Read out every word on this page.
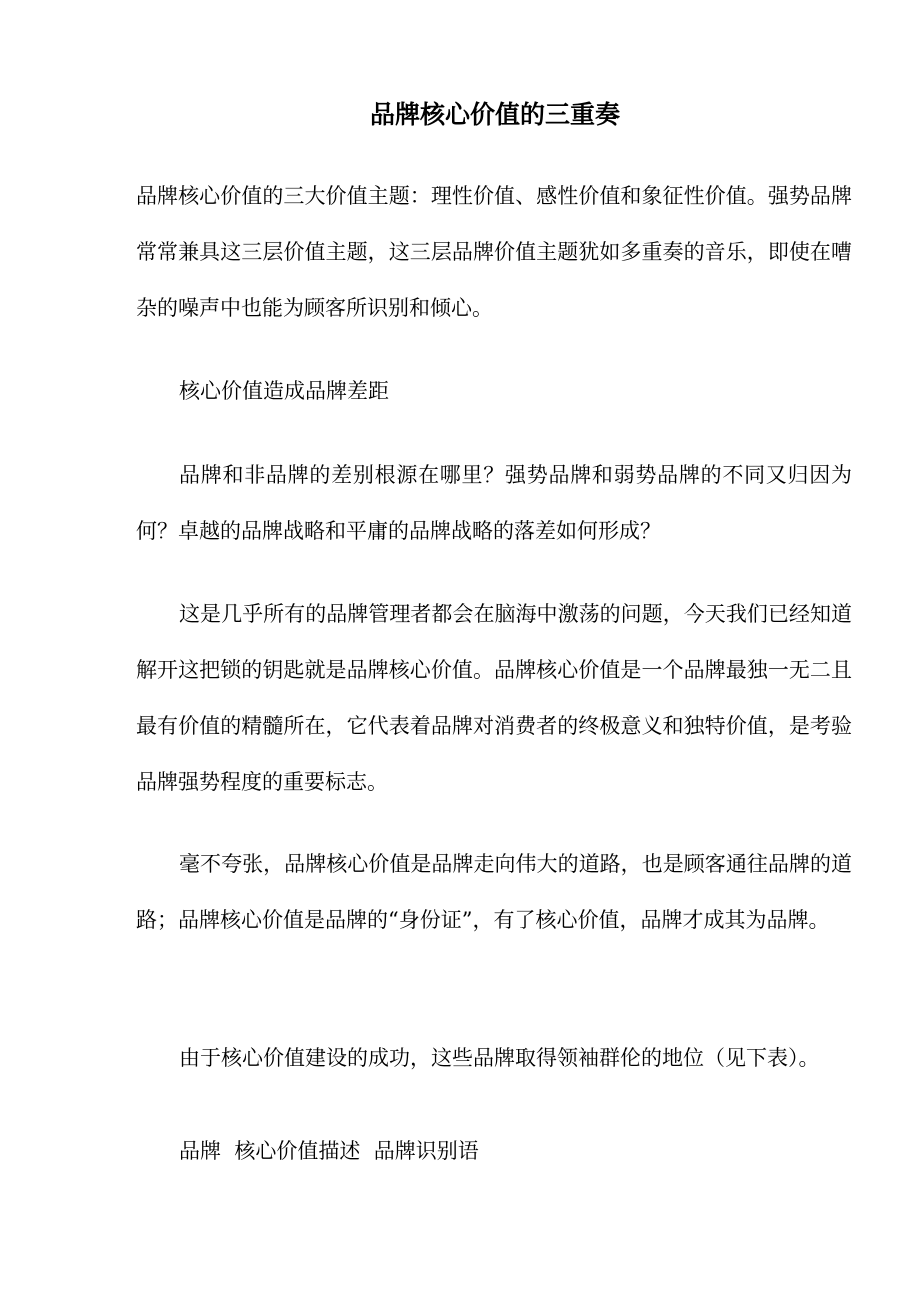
品牌核心价值的三重奏

品牌核心价值的三大价值主题：理性价值、感性价值和象征性价值。强势品牌常常兼具这三层价值主题，这三层品牌价值主题犹如多重奏的音乐，即使在嘈杂的噪声中也能为顾客所识别和倾心。

核心价值造成品牌差距

品牌和非品牌的差别根源在哪里？强势品牌和弱势品牌的不同又归因为何？卓越的品牌战略和平庸的品牌战略的落差如何形成？

这是几乎所有的品牌管理者都会在脑海中激荡的问题，今天我们已经知道解开这把锁的钥匙就是品牌核心价值。品牌核心价值是一个品牌最独一无二且最有价值的精髓所在，它代表着品牌对消费者的终极意义和独特价值，是考验品牌强势程度的重要标志。

毫不夸张，品牌核心价值是品牌走向伟大的道路，也是顾客通往品牌的道路；品牌核心价值是品牌的“身份证”，有了核心价值，品牌才成其为品牌。

由于核心价值建设的成功，这些品牌取得领袖群伦的地位（见下表）。

品牌  核心价值描述  品牌识别语
